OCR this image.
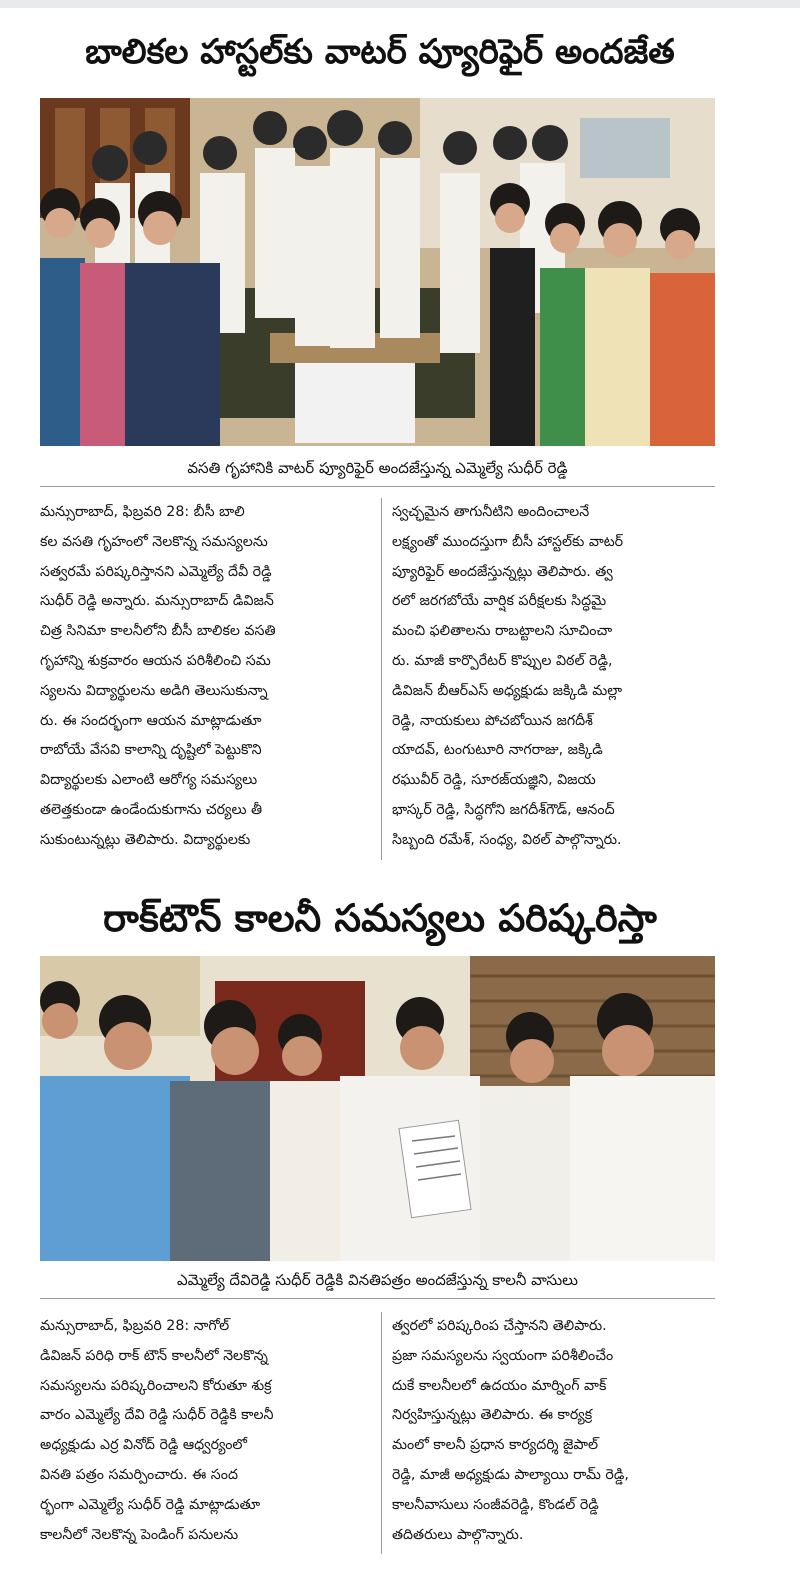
బాలికల హాస్టల్‌కు వాటర్ ప్యూరిఫైర్ అందజేత
వసతి గృహానికి వాటర్ ప్యూరిఫైర్ అందజేస్తున్న ఎమ్మెల్యే సుధీర్ రెడ్డి

మన్సురాబాద్, ఫిబ్రవరి 28: బీసీ బాలి

కల వసతి గృహంలో నెలకొన్న సమస్యలను

సత్వరమే పరిష్కరిస్తానని ఎమ్మెల్యే దేవీ రెడ్డి

సుధీర్ రెడ్డి అన్నారు. మన్సురాబాద్ డివిజన్

చిత్ర సినిమా కాలనీలోని బీసీ బాలికల వసతి

గృహాన్ని శుక్రవారం ఆయన పరిశీలించి సమ

స్యలను విద్యార్థులను అడిగి తెలుసుకున్నా

రు. ఈ సందర్భంగా ఆయన మాట్లాడుతూ

రాబోయే వేసవి కాలాన్ని దృష్టిలో పెట్టుకొని

విద్యార్థులకు ఎలాంటి ఆరోగ్య సమస్యలు

తలెత్తకుండా ఉండేందుకుగాను చర్యలు తీ

సుకుంటున్నట్లు తెలిపారు. విద్యార్థులకు

స్వచ్ఛమైన తాగునీటిని అందించాలనే

లక్ష్యంతో ముందస్తుగా బీసీ హాస్టల్‌కు వాటర్

ప్యూరిఫైర్ అందజేస్తున్నట్లు తెలిపారు. త్వ

రలో జరగబోయే వార్షిక పరీక్షలకు సిద్ధమై

మంచి ఫలితాలను రాబట్టాలని సూచించా

రు. మాజీ కార్పొరేటర్ కొప్పుల విఠల్ రెడ్డి,

డివిజన్ బీఆర్ఎస్ అధ్యక్షుడు జక్కిడి మల్లా

రెడ్డి, నాయకులు పోచబోయిన జగదీశ్

యాదవ్, టంగుటూరి నాగరాజు, జక్కిడి

రఘువీర్ రెడ్డి, సూరజ్‌యజ్ఞిని, విజయ

భాస్కర్ రెడ్డి, సిద్ధగోని జగదీశ్‌గౌడ్, ఆనంద్

సిబ్బంది రమేశ్, సంధ్య, విఠల్ పాల్గొన్నారు.

రాక్‌టౌన్ కాలనీ సమస్యలు పరిష్కరిస్తా
ఎమ్మెల్యే దేవిరెడ్డి సుధీర్ రెడ్డికి వినతిపత్రం అందజేస్తున్న కాలనీ వాసులు

మన్సురాబాద్, ఫిబ్రవరి 28: నాగోల్

డివిజన్ పరిధి రాక్ టౌన్ కాలనీలో నెలకొన్న

సమస్యలను పరిష్కరించాలని కోరుతూ శుక్ర

వారం ఎమ్మెల్యే దేవి రెడ్డి సుధీర్ రెడ్డికి కాలనీ

అధ్యక్షుడు ఎర్ర వినోద్ రెడ్డి ఆధ్వర్యంలో

వినతి పత్రం సమర్పించారు. ఈ సంద

ర్భంగా ఎమ్మెల్యే సుధీర్ రెడ్డి మాట్లాడుతూ

కాలనీలో నెలకొన్న పెండింగ్ పనులను

త్వరలో పరిష్కరింప చేస్తానని తెలిపారు.

ప్రజా సమస్యలను స్వయంగా పరిశీలించేం

దుకే కాలనీలలో ఉదయం మార్నింగ్ వాక్

నిర్వహిస్తున్నట్లు తెలిపారు. ఈ కార్యక్ర

మంలో కాలనీ ప్రధాన కార్యదర్శి జైపాల్

రెడ్డి, మాజీ అధ్యక్షుడు పాల్యాయి రామ్ రెడ్డి,

కాలనీవాసులు సంజీవరెడ్డి, కొండల్ రెడ్డి

తదితరులు పాల్గొన్నారు.
